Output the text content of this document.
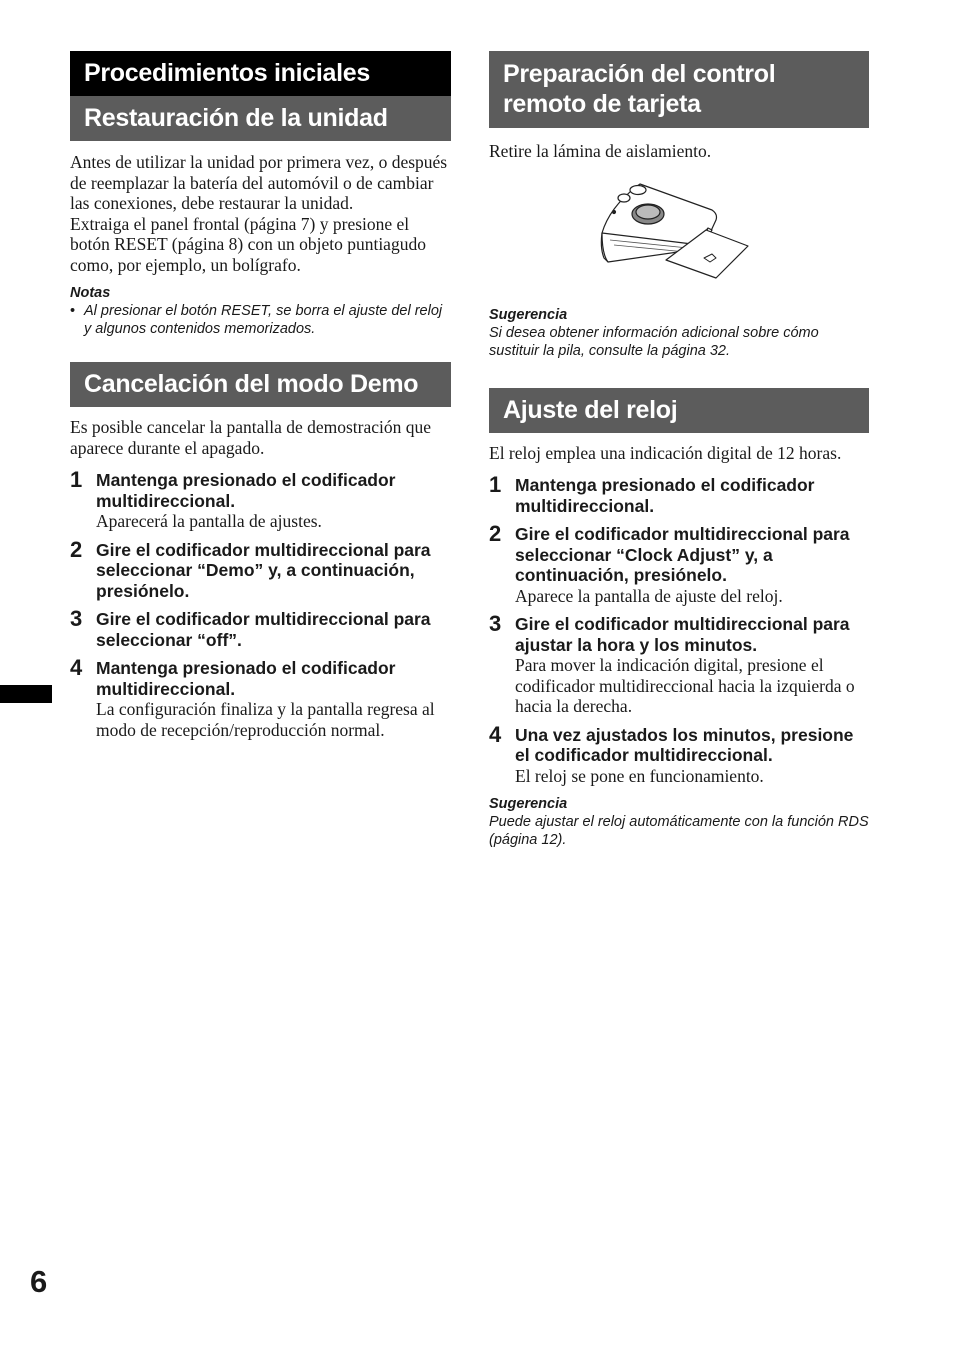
Procedimientos iniciales
Restauración de la unidad

Antes de utilizar la unidad por primera vez, o después de reemplazar la batería del automóvil o de cambiar las conexiones, debe restaurar la unidad.

Extraiga el panel frontal (página 7) y presione el botón RESET (página 8) con un objeto puntiagudo como, por ejemplo, un bolígrafo.

Notas

• Al presionar el botón RESET, se borra el ajuste del reloj y algunos contenidos memorizados.
Cancelación del modo Demo

Es posible cancelar la pantalla de demostración que aparece durante el apagado.

1 Mantenga presionado el codificador multidireccional.
Aparecerá la pantalla de ajustes.
2 Gire el codificador multidireccional para seleccionar “Demo” y, a continuación, presiónelo.
3 Gire el codificador multidireccional para seleccionar “off”.
4 Mantenga presionado el codificador multidireccional.
La configuración finaliza y la pantalla regresa al modo de recepción/reproducción normal.
Preparación del control remoto de tarjeta

Retire la lámina de aislamiento.

Sugerencia

Si desea obtener información adicional sobre cómo sustituir la pila, consulte la página 32.

Ajuste del reloj

El reloj emplea una indicación digital de 12 horas.

1 Mantenga presionado el codificador multidireccional.
2 Gire el codificador multidireccional para seleccionar “Clock Adjust” y, a continuación, presiónelo.
Aparece la pantalla de ajuste del reloj.
3 Gire el codificador multidireccional para ajustar la hora y los minutos.
Para mover la indicación digital, presione el codificador multidireccional hacia la izquierda o hacia la derecha.
4 Una vez ajustados los minutos, presione el codificador multidireccional.
El reloj se pone en funcionamiento.

Sugerencia

Puede ajustar el reloj automáticamente con la función RDS (página 12).

6
